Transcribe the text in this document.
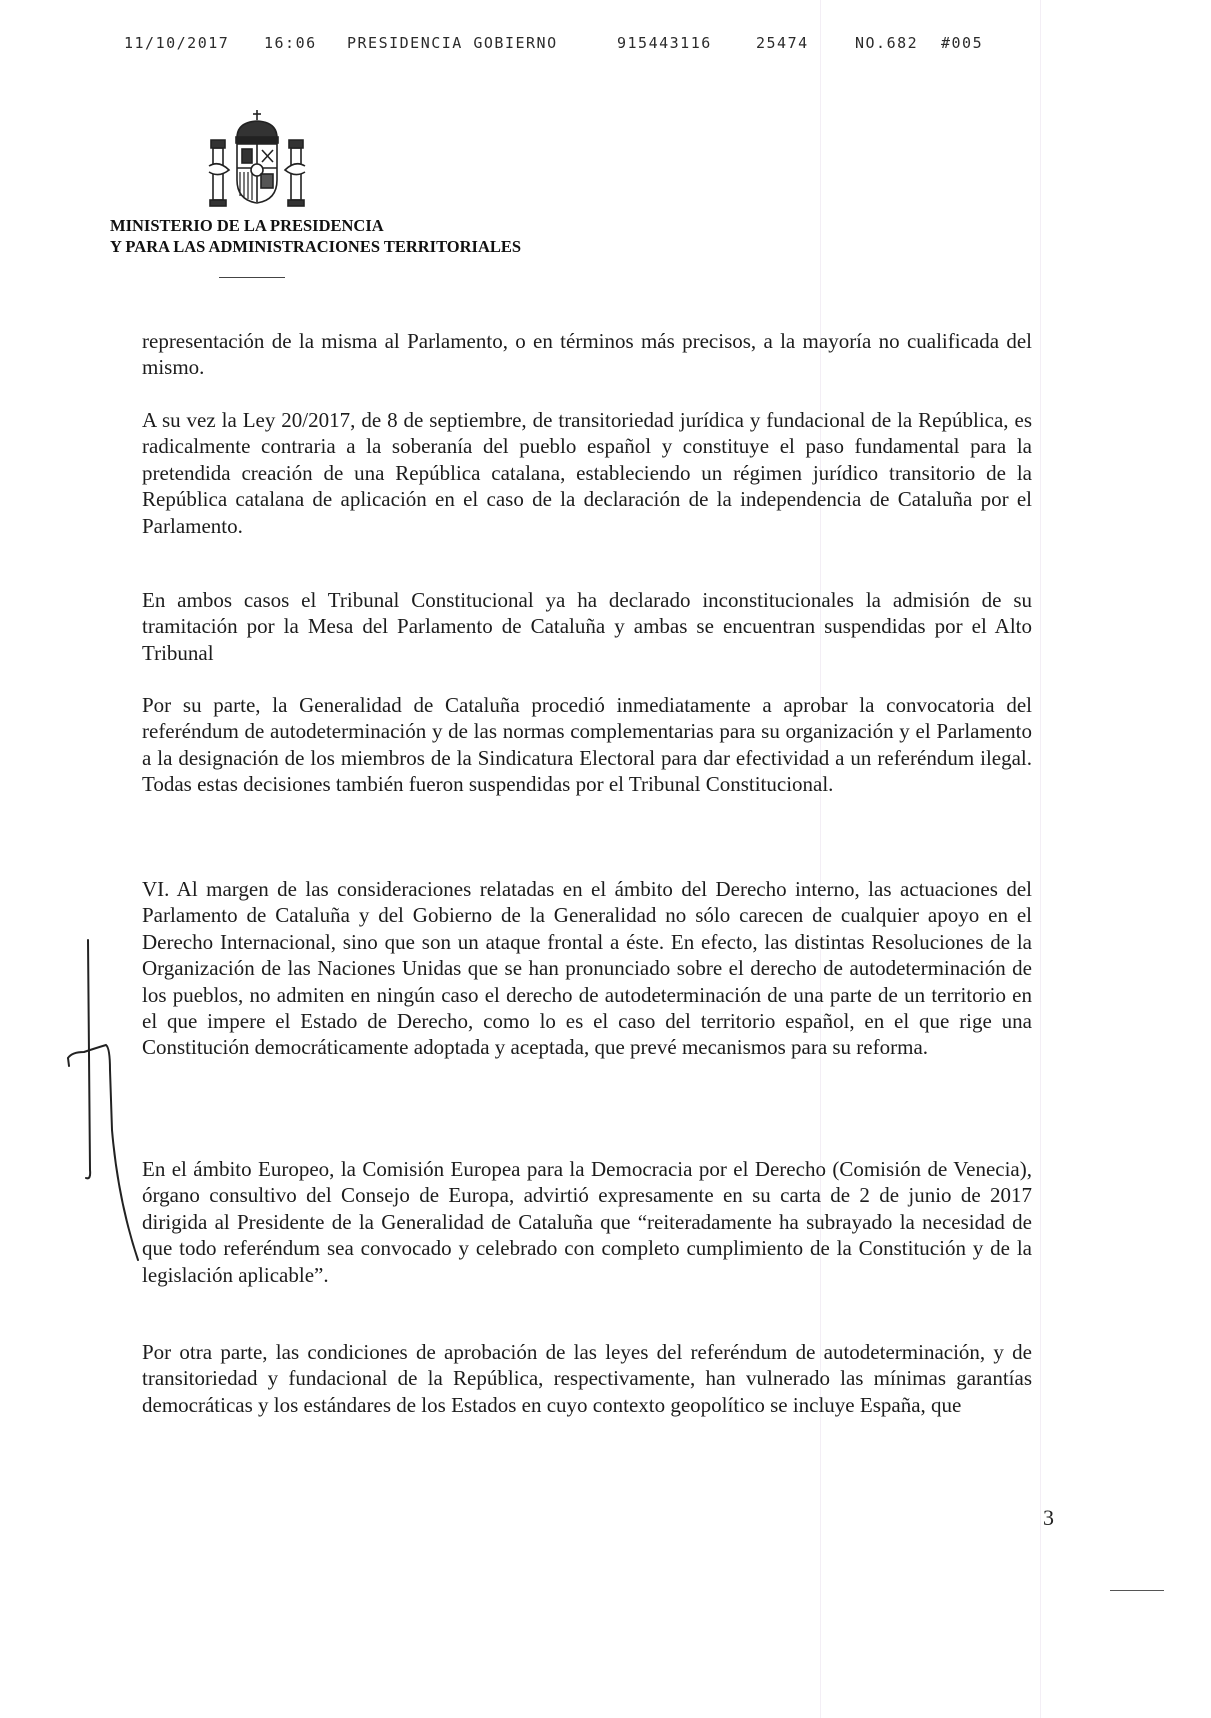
11/10/2017 16:06 PRESIDENCIA GOBIERNO	915443116	25474	NO.682 #005
MINISTERIO DE LA PRESIDENCIA
Y PARA LAS ADMINISTRACIONES TERRITORIALES

representación de la misma al Parlamento, o en términos más precisos, a la mayoría no cualificada del mismo.

A su vez la Ley 20/2017, de 8 de septiembre, de transitoriedad jurídica y fundacional de la República, es radicalmente contraria a la soberanía del pueblo español y constituye el paso fundamental para la pretendida creación de una República catalana, estableciendo un régimen jurídico transitorio de la República catalana de aplicación en el caso de la declaración de la independencia de Cataluña por el Parlamento.

En ambos casos el Tribunal Constitucional ya ha declarado inconstitucionales la admisión de su tramitación por la Mesa del Parlamento de Cataluña y ambas se encuentran suspendidas por el Alto Tribunal

Por su parte, la Generalidad de Cataluña procedió inmediatamente a aprobar la convocatoria del referéndum de autodeterminación y de las normas complementarias para su organización y el Parlamento a la designación de los miembros de la Sindicatura Electoral para dar efectividad a un referéndum ilegal. Todas estas decisiones también fueron suspendidas por el Tribunal Constitucional.

VI. Al margen de las consideraciones relatadas en el ámbito del Derecho interno, las actuaciones del Parlamento de Cataluña y del Gobierno de la Generalidad no sólo carecen de cualquier apoyo en el Derecho Internacional, sino que son un ataque frontal a éste. En efecto, las distintas Resoluciones de la Organización de las Naciones Unidas que se han pronunciado sobre el derecho de autodeterminación de los pueblos, no admiten en ningún caso el derecho de autodeterminación de una parte de un territorio en el que impere el Estado de Derecho, como lo es el caso del territorio español, en el que rige una Constitución democráticamente adoptada y aceptada, que prevé mecanismos para su reforma.

En el ámbito Europeo, la Comisión Europea para la Democracia por el Derecho (Comisión de Venecia), órgano consultivo del Consejo de Europa, advirtió expresamente en su carta de 2 de junio de 2017 dirigida al Presidente de la Generalidad de Cataluña que “reiteradamente ha subrayado la necesidad de que todo referéndum sea convocado y celebrado con completo cumplimiento de la Constitución y de la legislación aplicable”.

Por otra parte, las condiciones de aprobación de las leyes del referéndum de autodeterminación, y de transitoriedad y fundacional de la República, respectivamente, han vulnerado las mínimas garantías democráticas y los estándares de los Estados en cuyo contexto geopolítico se incluye España, que

3
